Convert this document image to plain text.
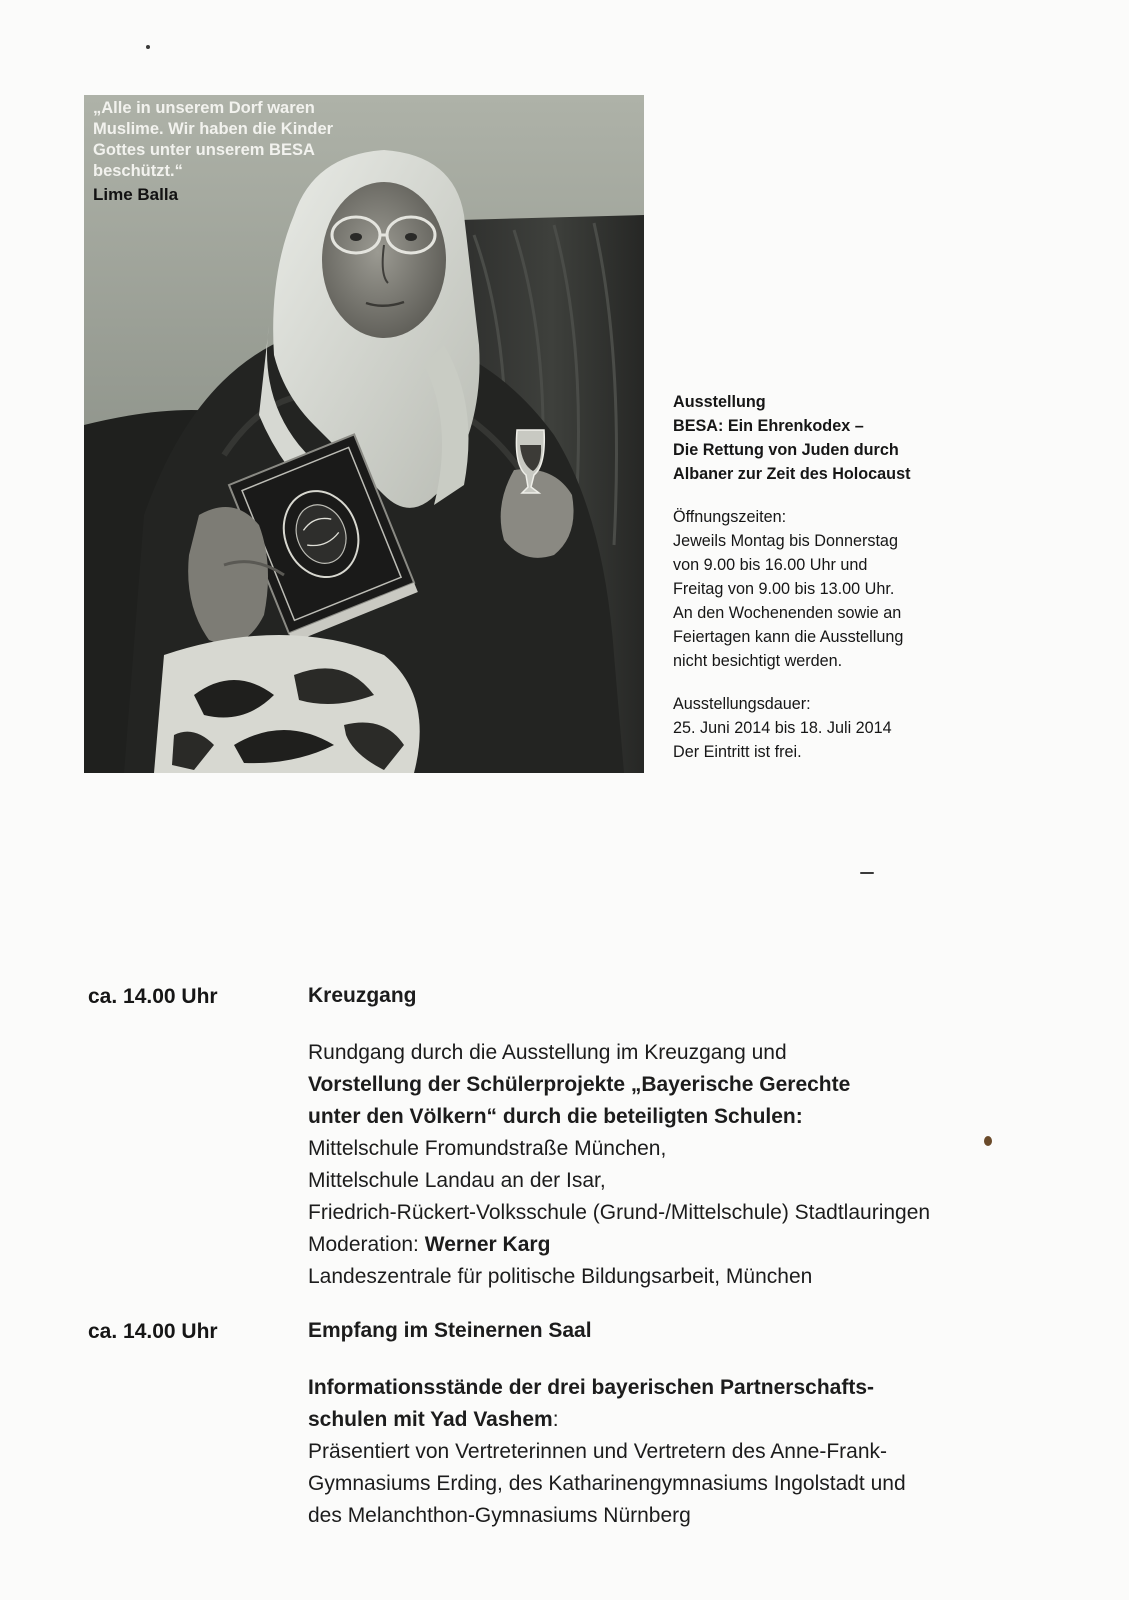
„Alle in unserem Dorf waren
Muslime. Wir haben die Kinder
Gottes unter unserem BESA
beschützt.“
Lime Balla
Ausstellung
BESA: Ein Ehrenkodex –
Die Rettung von Juden durch
Albaner zur Zeit des Holocaust
Öffnungszeiten:
Jeweils Montag bis Donnerstag
von 9.00 bis 16.00 Uhr und
Freitag von 9.00 bis 13.00 Uhr.
An den Wochenenden sowie an
Feiertagen kann die Ausstellung
nicht besichtigt werden.
Ausstellungsdauer:
25. Juni 2014 bis 18. Juli 2014
Der Eintritt ist frei.
ca. 14.00 Uhr	Kreuzgang
Rundgang durch die Ausstellung im Kreuzgang und
Vorstellung der Schülerprojekte „Bayerische Gerechte
unter den Völkern“ durch die beteiligten Schulen:
Mittelschule Fromundstraße München,
Mittelschule Landau an der Isar,
Friedrich-Rückert-Volksschule (Grund-/Mittelschule) Stadtlauringen
Moderation: Werner Karg
Landeszentrale für politische Bildungsarbeit, München
ca. 14.00 Uhr	Empfang im Steinernen Saal
Informationsstände der drei bayerischen Partnerschafts-
schulen mit Yad Vashem:
Präsentiert von Vertreterinnen und Vertretern des Anne-Frank-
Gymnasiums Erding, des Katharinengymnasiums Ingolstadt und
des Melanchthon-Gymnasiums Nürnberg
